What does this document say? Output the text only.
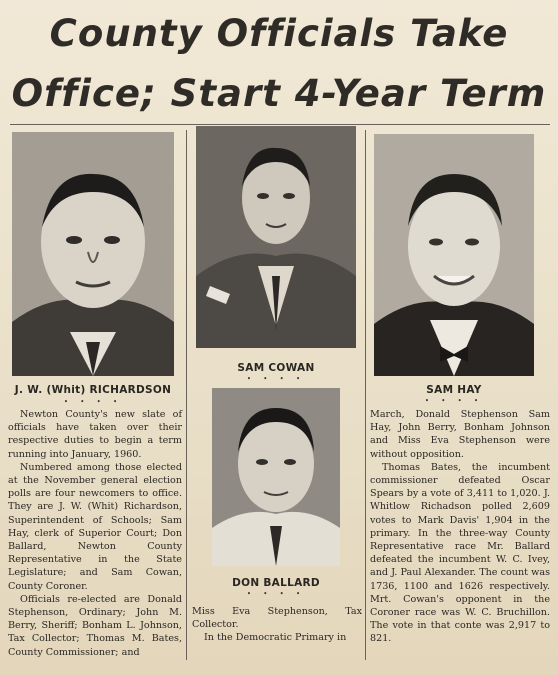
County Officials Take
Office; Start 4-Year Term
J. W. (Whit) RICHARDSON
• • • •
SAM COWAN
• • • •
SAM HAY
• • • •
DON BALLARD
• • • •

Newton County's new slate of officials have taken over their respective duties to begin a term running into January, 1960.

Numbered among those elected at the November general election polls are four newcomers to office. They are J. W. (Whit) Richardson, Superintendent of Schools; Sam Hay, clerk of Superior Court; Don Ballard, Newton County Representative in the State Legislature; and Sam Cowan, County Coroner.

Officials re-elected are Donald Stephenson, Ordinary; John M. Berry, Sheriff; Bonham L. Johnson, Tax Collector; Thomas M. Bates, County Commissioner; and

Miss Eva Stephenson, Tax Collector.

In the Democratic Primary in

March, Donald Stephenson Sam Hay, John Berry, Bonham Johnson and Miss Eva Stephenson were without opposition.

Thomas Bates, the incumbent commissioner defeated Oscar Spears by a vote of 3,411 to 1,020. J. Whitlow Richadson polled 2,609 votes to Mark Davis' 1,904 in the primary. In the three-way County Representative race Mr. Ballard defeated the incumbent W. C. Ivey, and J. Paul Alexander. The count was 1736, 1100 and 1626 respectively. Mrt. Cowan's opponent in the Coroner race was W. C. Bruchillon. The vote in that conte was 2,917 to 821.
